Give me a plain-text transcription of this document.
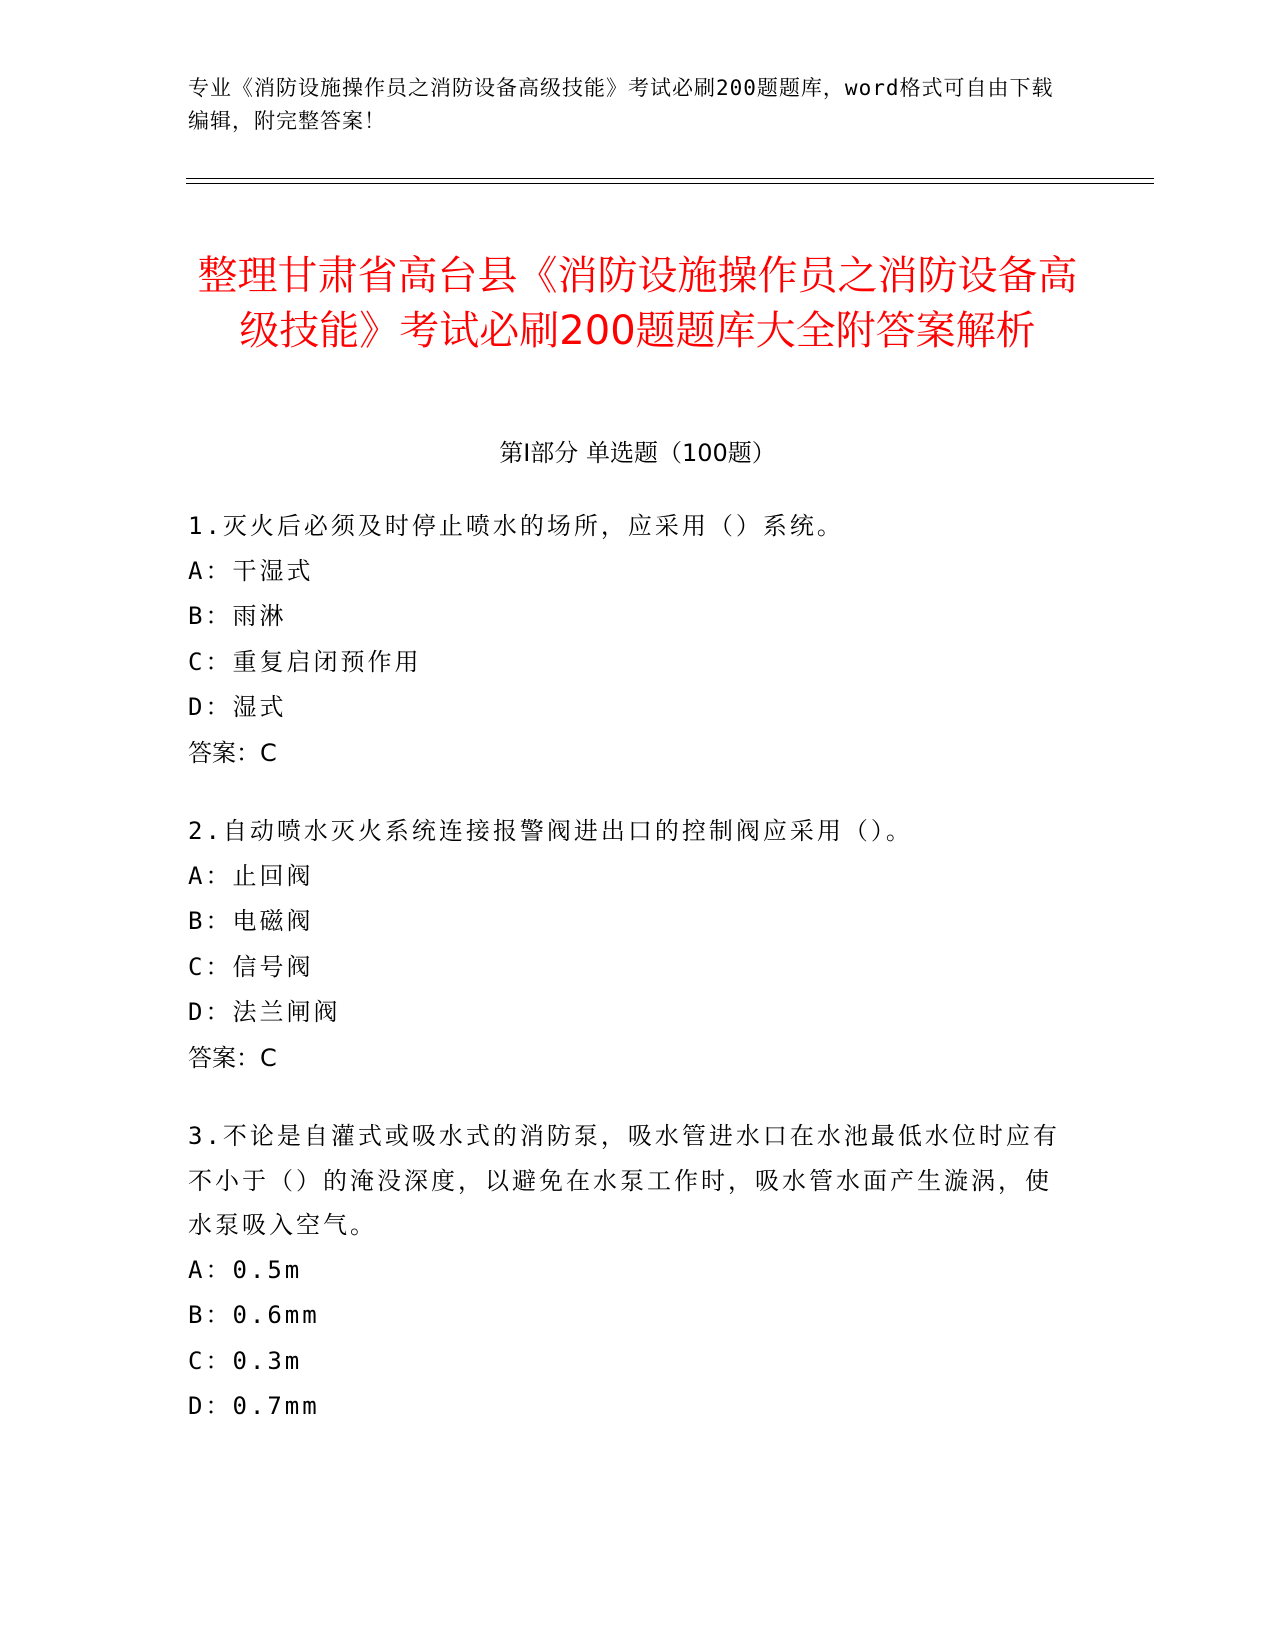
专业《消防设施操作员之消防设备高级技能》考试必刷200题题库，word格式可自由下载编辑，附完整答案！
整理甘肃省高台县《消防设施操作员之消防设备高级技能》考试必刷200题题库大全附答案解析
第Ⅰ部分 单选题（100题）

1.灭火后必须及时停止喷水的场所，应采用（）系统。

A：干湿式
B：雨淋
C：重复启闭预作用
D：湿式
答案：C

2.自动喷水灭火系统连接报警阀进出口的控制阀应采用（）。

A：止回阀
B：电磁阀
C：信号阀
D：法兰闸阀
答案：C

3.不论是自灌式或吸水式的消防泵，吸水管进水口在水池最低水位时应有不小于（）的淹没深度，以避免在水泵工作时，吸水管水面产生漩涡，使水泵吸入空气。

A：0.5m
B：0.6mm
C：0.3m
D：0.7mm
